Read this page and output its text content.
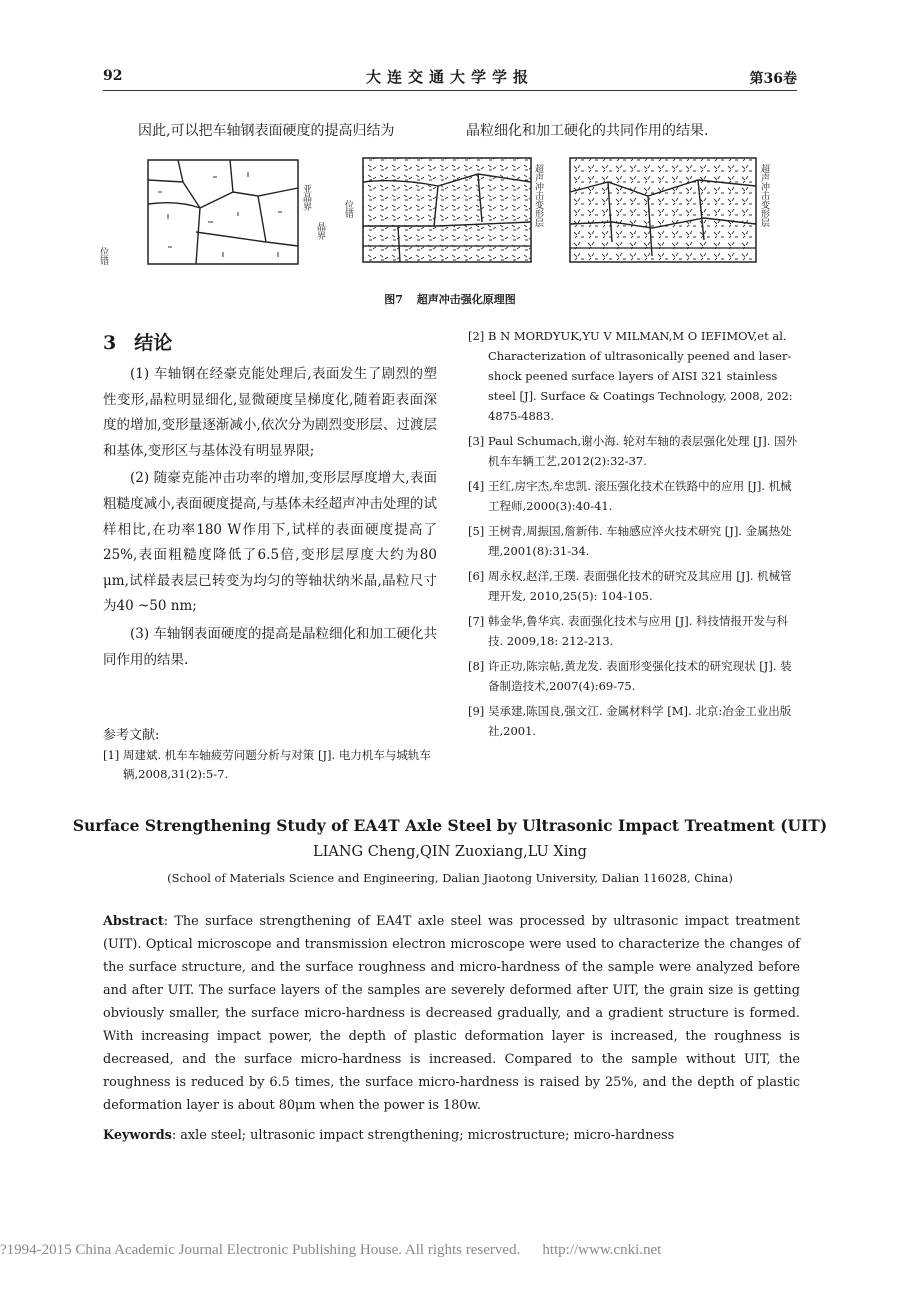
92	大连交通大学学报	第36卷
因此,可以把车轴钢表面硬度的提高归结为	晶粒细化和加工硬化的共同作用的结果.
亚晶界
晶界
位错
位错	超声冲击变形层	超声冲击变形层
图7 超声冲击强化原理图
3 结论

(1) 车轴钢在经豪克能处理后,表面发生了剧烈的塑性变形,晶粒明显细化,显微硬度呈梯度化,随着距表面深度的增加,变形量逐渐减小,依次分为剧烈变形层、过渡层和基体,变形区与基体没有明显界限;

(2) 随豪克能冲击功率的增加,变形层厚度增大,表面粗糙度减小,表面硬度提高,与基体未经超声冲击处理的试样相比,在功率180 W作用下,试样的表面硬度提高了25%,表面粗糙度降低了6.5倍,变形层厚度大约为80 μm,试样最表层已转变为均匀的等轴状纳米晶,晶粒尺寸为40 ~50 nm;

(3) 车轴钢表面硬度的提高是晶粒细化和加工硬化共同作用的结果.

参考文献:
[1] 周建斌. 机车车轴疲劳问题分析与对策 [J]. 电力机车与城轨车辆,2008,31(2):5-7.
[2] B N MORDYUK,YU V MILMAN,M O IEFIMOV,et al. Characterization of ultrasonically peened and laser-shock peened surface layers of AISI 321 stainless steel [J]. Surface & Coatings Technology, 2008, 202: 4875-4883.
[3] Paul Schumach,谢小海. 轮对车轴的表层强化处理 [J]. 国外机车车辆工艺,2012(2):32-37.
[4] 王红,房宇杰,牟忠凯. 滚压强化技术在铁路中的应用 [J]. 机械工程师,2000(3):40-41.
[5] 王树青,周振国,詹新伟. 车轴感应淬火技术研究 [J]. 金属热处理,2001(8):31-34.
[6] 周永权,赵洋,王璞. 表面强化技术的研究及其应用 [J]. 机械管理开发, 2010,25(5): 104-105.
[7] 韩金华,鲁华宾. 表面强化技术与应用 [J]. 科技情报开发与科技. 2009,18: 212-213.
[8] 许正功,陈宗帖,黄龙发. 表面形变强化技术的研究现状 [J]. 装备制造技术,2007(4):69-75.
[9] 吴承建,陈国良,强文江. 金属材料学 [M]. 北京:冶金工业出版社,2001.
Surface Strengthening Study of EA4T Axle Steel by Ultrasonic Impact Treatment (UIT)
LIANG Cheng,QIN Zuoxiang,LU Xing
(School of Materials Science and Engineering, Dalian Jiaotong University, Dalian 116028, China)
Abstract: The surface strengthening of EA4T axle steel was processed by ultrasonic impact treatment (UIT). Optical microscope and transmission electron microscope were used to characterize the changes of the surface structure, and the surface roughness and micro-hardness of the sample were analyzed before and after UIT. The surface layers of the samples are severely deformed after UIT, the grain size is getting obviously smaller, the surface micro-hardness is decreased gradually, and a gradient structure is formed. With increasing impact power, the depth of plastic deformation layer is increased, the roughness is decreased, and the surface micro-hardness is increased. Compared to the sample without UIT, the roughness is reduced by 6.5 times, the surface micro-hardness is raised by 25%, and the depth of plastic deformation layer is about 80μm when the power is 180w.
Keywords: axle steel; ultrasonic impact strengthening; microstructure; micro-hardness
?1994-2015 China Academic Journal Electronic Publishing House. All rights reserved. http://www.cnki.net
